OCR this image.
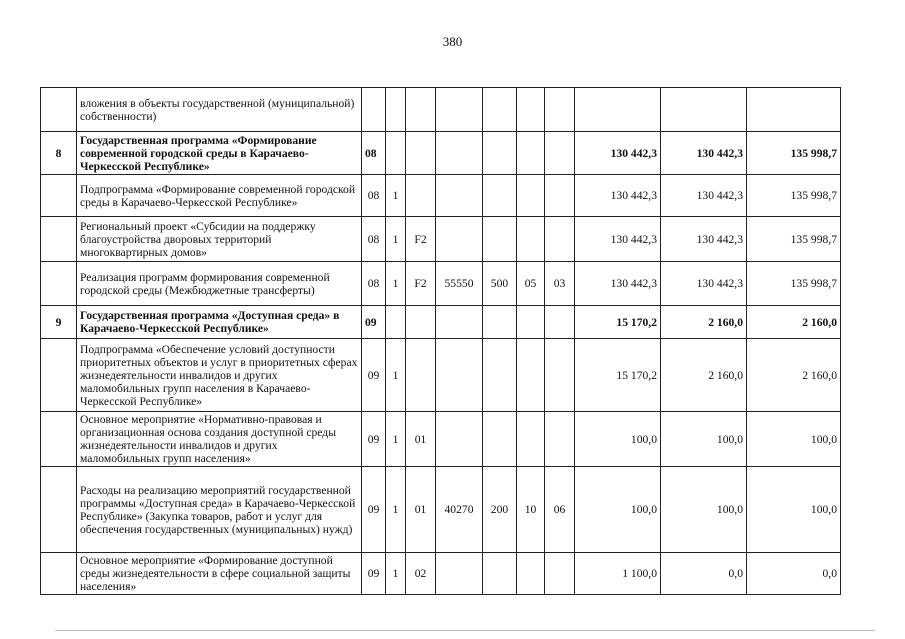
380
	вложения в объекты государственной (муниципальной) собственности)										
8	Государственная программа «Формирование современной городской среды в Карачаево-Черкесской Республике»	08							130 442,3	130 442,3	135 998,7
	Подпрограмма «Формирование современной городской среды в Карачаево-Черкесской Республике»	08	1						130 442,3	130 442,3	135 998,7
	Региональный проект «Субсидии на поддержку благоустройства дворовых территорий многоквартирных домов»	08	1	F2					130 442,3	130 442,3	135 998,7
	Реализация программ формирования современной городской среды (Межбюджетные трансферты)	08	1	F2	55550	500	05	03	130 442,3	130 442,3	135 998,7
9	Государственная программа «Доступная среда» в Карачаево-Черкесской Республике»	09							15 170,2	2 160,0	2 160,0
	Подпрограмма «Обеспечение условий доступности приоритетных объектов и услуг в приоритетных сферах жизнедеятельности инвалидов и других маломобильных групп населения в Карачаево-Черкесской Республике»	09	1						15 170,2	2 160,0	2 160,0
	Основное мероприятие «Нормативно-правовая и организационная основа создания доступной среды жизнедеятельности инвалидов и других маломобильных групп населения»	09	1	01					100,0	100,0	100,0
	Расходы на реализацию мероприятий государственной программы «Доступная среда» в Карачаево-Черкесской Республике» (Закупка товаров, работ и услуг для обеспечения государственных (муниципальных) нужд)	09	1	01	40270	200	10	06	100,0	100,0	100,0
	Основное мероприятие «Формирование доступной среды жизнедеятельности в сфере социальной защиты населения»	09	1	02					1 100,0	0,0	0,0
